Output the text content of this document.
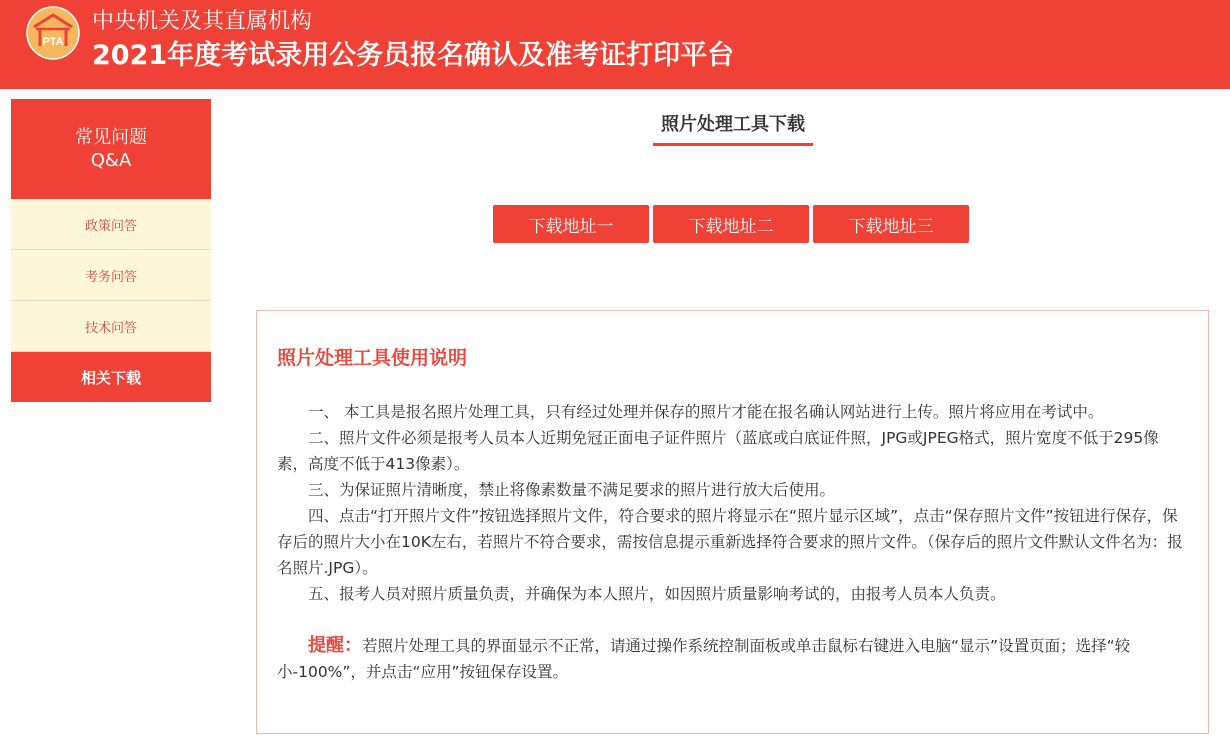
PTA
中央机关及其直属机构
2021年度考试录用公务员报名确认及准考证打印平台
常见问题
Q&A
政策问答
考务问答
技术问答
相关下载
照片处理工具下载
下载地址一	下载地址二	下载地址三
照片处理工具使用说明

一、 本工具是报名照片处理工具，只有经过处理并保存的照片才能在报名确认网站进行上传。照片将应用在考试中。

二、照片文件必须是报考人员本人近期免冠正面电子证件照片（蓝底或白底证件照，JPG或JPEG格式，照片宽度不低于295像素，高度不低于413像素）。

三、为保证照片清晰度，禁止将像素数量不满足要求的照片进行放大后使用。

四、点击“打开照片文件”按钮选择照片文件，符合要求的照片将显示在“照片显示区域”，点击“保存照片文件”按钮进行保存，保存后的照片大小在10K左右，若照片不符合要求，需按信息提示重新选择符合要求的照片文件。（保存后的照片文件默认文件名为：报名照片.JPG）。

五、报考人员对照片质量负责，并确保为本人照片，如因照片质量影响考试的，由报考人员本人负责。

提醒：若照片处理工具的界面显示不正常，请通过操作系统控制面板或单击鼠标右键进入电脑“显示”设置页面；选择“较小-100%”，并点击“应用”按钮保存设置。
